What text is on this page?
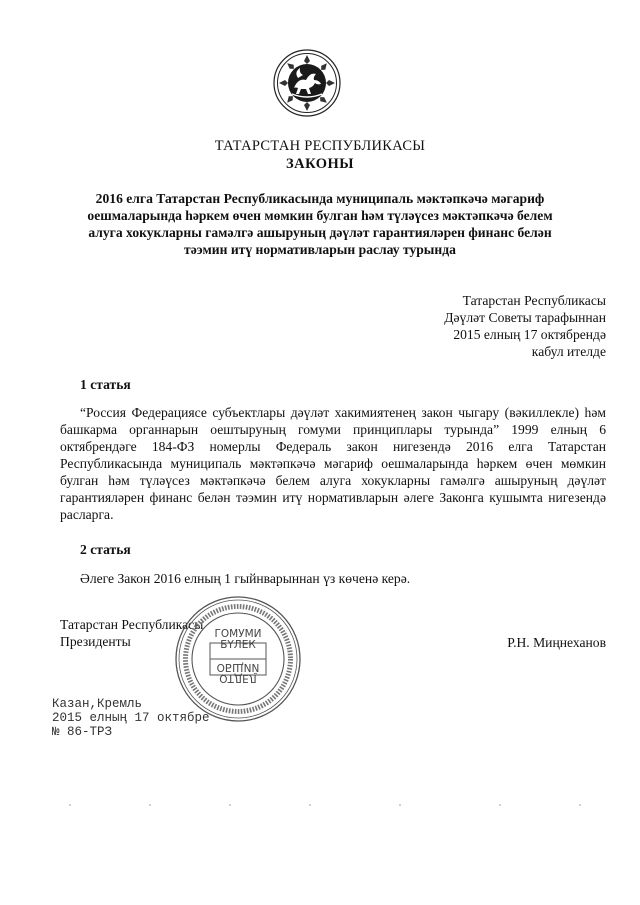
ТАТАРСТАН РЕСПУБЛИКАСЫ
ЗАКОНЫ
2016 елга Татарстан Республикасында муниципаль мәктәпкәчә мәгариф оешмаларында һәркем өчен мөмкин булган һәм түләүсез мәктәпкәчә белем алуга хокукларны гамәлгә ашыруның дәүләт гарантияләрен финанс белән тәэмин итү нормативларын раслау турында
Татарстан Республикасы
Дәүләт Советы тарафыннан
2015 елның 17 октябрендә
кабул ителде
1 статья
“Россия Федерациясе субъектлары дәүләт хакимиятенең закон чыгару (вәкиллекле) һәм башкарма органнарын оештыруның гомуми принциплары турында” 1999 елның 6 октябрендәге 184-ФЗ номерлы Федераль закон нигезендә 2016 елга Татарстан Республикасында муниципаль мәктәпкәчә мәгариф оешмаларында һәркем өчен мөмкин булган һәм түләүсез мәктәпкәчә белем алуга хокукларны гамәлгә ашыруның дәүләт гарантияләрен финанс белән тәэмин итү нормативларын әлеге Законга кушымта нигезендә расларга.
2 статья
Әлеге Закон 2016 елның 1 гыйнварыннан үз көченә керә.
Татарстан Республикасы
Президенты	ГОМУМИ
БҮЛЕК
ОТДЕЛ
ОБЩИЙ
Р.Н. Миңнеханов
Казан,Кремль
2015 елның 17 октябре
№ 86-ТРЗ
